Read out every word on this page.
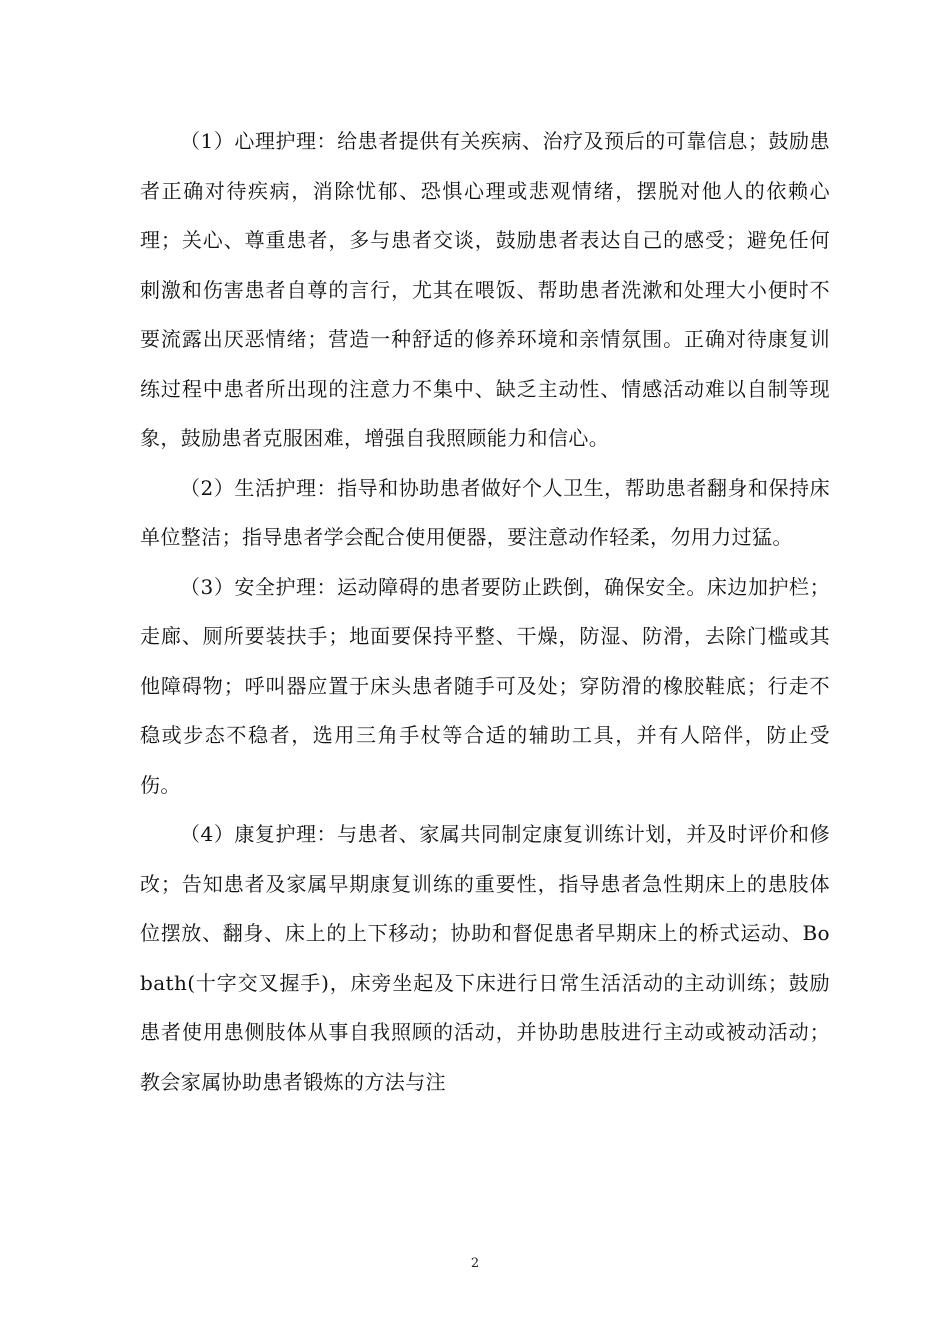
（1）心理护理：给患者提供有关疾病、治疗及预后的可靠信息；鼓励患者正确对待疾病，消除忧郁、恐惧心理或悲观情绪，摆脱对他人的依赖心理；关心、尊重患者，多与患者交谈，鼓励患者表达自己的感受；避免任何刺激和伤害患者自尊的言行，尤其在喂饭、帮助患者洗漱和处理大小便时不要流露出厌恶情绪；营造一种舒适的修养环境和亲情氛围。正确对待康复训练过程中患者所出现的注意力不集中、缺乏主动性、情感活动难以自制等现象，鼓励患者克服困难，增强自我照顾能力和信心。

（2）生活护理：指导和协助患者做好个人卫生，帮助患者翻身和保持床单位整洁；指导患者学会配合使用便器，要注意动作轻柔，勿用力过猛。

（3）安全护理：运动障碍的患者要防止跌倒，确保安全。床边加护栏；走廊、厕所要装扶手；地面要保持平整、干燥，防湿、防滑，去除门槛或其他障碍物；呼叫器应置于床头患者随手可及处；穿防滑的橡胶鞋底；行走不稳或步态不稳者，选用三角手杖等合适的辅助工具，并有人陪伴，防止受伤。

（4）康复护理：与患者、家属共同制定康复训练计划，并及时评价和修改；告知患者及家属早期康复训练的重要性，指导患者急性期床上的患肢体位摆放、翻身、床上的上下移动；协助和督促患者早期床上的桥式运动、Bobath(十字交叉握手)，床旁坐起及下床进行日常生活活动的主动训练；鼓励患者使用患侧肢体从事自我照顾的活动，并协助患肢进行主动或被动活动；教会家属协助患者锻炼的方法与注

2
